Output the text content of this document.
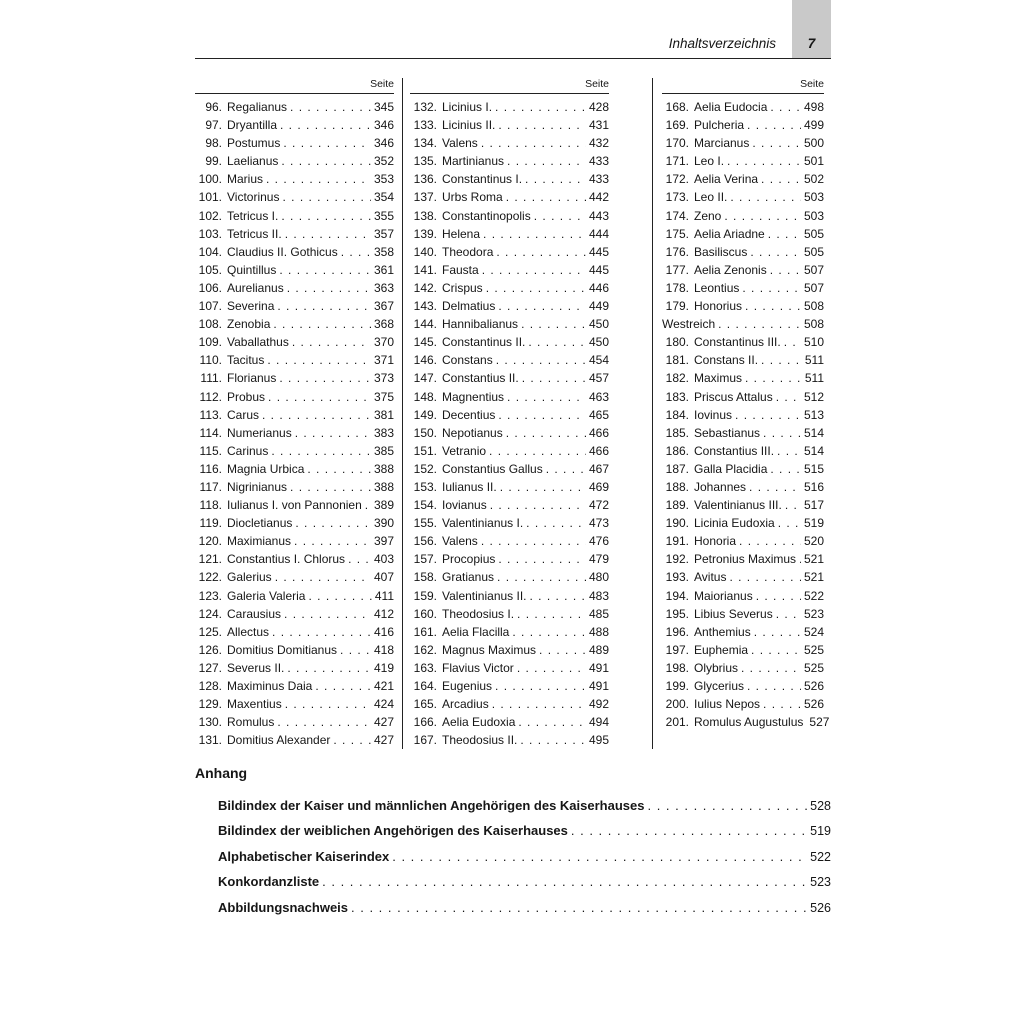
Inhaltsverzeichnis 7
Seite
96. Regalianus . . .	345
97. Dryantilla . . .	346
98. Postumus . . .	346
99. Laelianus . . .	352
100. Marius . . .	353
101. Victorinus . . .	354
102. Tetricus I. . . .	355
103. Tetricus II. . . .	357
104. Claudius II. Gothicus . . .	358
105. Quintillus . . .	361
106. Aurelianus . . .	363
107. Severina . . .	367
108. Zenobia . . .	368
109. Vaballathus . . .	370
110. Tacitus . . .	371
111. Florianus . . .	373
112. Probus . . .	375
113. Carus . . .	381
114. Numerianus . . .	383
115. Carinus . . .	385
116. Magnia Urbica . . .	388
117. Nigrinianus . . .	388
118. Iulianus I. von Pannonien . . . 389
119. Diocletianus . . .	390
120. Maximianus . . .	397
121. Constantius I. Chlorus . . . 403
122. Galerius . . .	407
123. Galeria Valeria . . .	411
124. Carausius . . .	412
125. Allectus . . .	416
126. Domitius Domitianus . . .	418
127. Severus II. . . .	419
128. Maximinus Daia . . .	421
129. Maxentius . . .	424
130. Romulus . . .	427
131. Domitius Alexander . . .	427
Seite
132. Licinius I. . . .	428
133. Licinius II. . . .	431
134. Valens . . .	432
135. Martinianus . . .	433
136. Constantinus I. . . .	433
137. Urbs Roma . . .	442
138. Constantinopolis . . .	443
139. Helena . . .	444
140. Theodora . . .	445
141. Fausta . . .	445
142. Crispus . . .	446
143. Delmatius . . .	449
144. Hannibalianus . . .	450
145. Constantinus II. . . .	450
146. Constans . . .	454
147. Constantius II. . . .	457
148. Magnentius . . .	463
149. Decentius . . .	465
150. Nepotianus . . .	466
151. Vetranio . . .	466
152. Constantius Gallus . . .	467
153. Iulianus II. . . .	469
154. Iovianus . . .	472
155. Valentinianus I. . . .	473
156. Valens . . .	476
157. Procopius . . .	479
158. Gratianus . . .	480
159. Valentinianus II. . . .	483
160. Theodosius I. . . .	485
161. Aelia Flacilla . . .	488
162. Magnus Maximus . . .	489
163. Flavius Victor . . .	491
164. Eugenius . . .	491
165. Arcadius . . .	492
166. Aelia Eudoxia . . .	494
167. Theodosius II. . . .	495
Seite
168. Aelia Eudocia . . .	498
169. Pulcheria . . .	499
170. Marcianus . . .	500
171. Leo I. . . .	501
172. Aelia Verina . . .	502
173. Leo II. . . .	503
174. Zeno . . .	503
175. Aelia Ariadne . . .	505
176. Basiliscus . . .	505
177. Aelia Zenonis . . .	507
178. Leontius . . .	507
179. Honorius . . .	508
Westreich . . .	508
180. Constantinus III. . . . 510
181. Constans II. . . .	511
182. Maximus . . .	511
183. Priscus Attalus . . .	512
184. Iovinus . . .	513
185. Sebastianus . . .	514
186. Constantius III. . . . 514
187. Galla Placidia . . .	515
188. Johannes . . .	516
189. Valentinianus III. . . . 517
190. Licinia Eudoxia . . . 519
191. Honoria . . .	520
192. Petronius Maximus . . . 521
193. Avitus . . .	521
194. Maiorianus . . .	522
195. Libius Severus . . .	523
196. Anthemius . . .	524
197. Euphemia . . .	525
198. Olybrius . . .	525
199. Glycerius . . .	526
200. Iulius Nepos . . .	526
201. Romulus Augustulus 527
Anhang
Bildindex der Kaiser und männlichen Angehörigen des Kaiserhauses . . .	528
Bildindex der weiblichen Angehörigen des Kaiserhauses . . .	519
Alphabetischer Kaiserindex . . .	522
Konkordanzliste . . .	523
Abbildungsnachweis . . .	526
